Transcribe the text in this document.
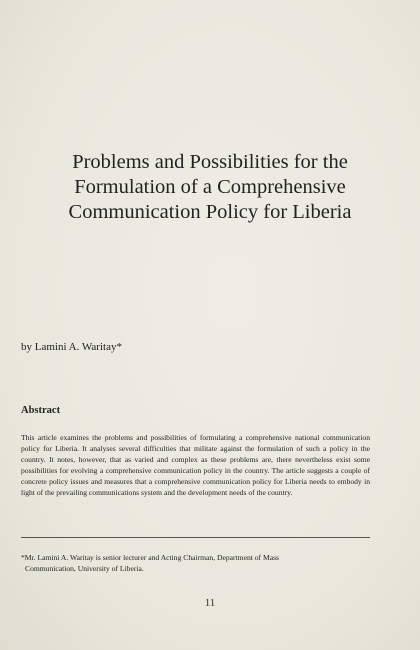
Problems and Possibilities for the
Formulation of a Comprehensive
Communication Policy for Liberia
by Lamini A. Waritay*
Abstract
This article examines the problems and possibilities of formulating a comprehensive national communication policy for Liberia. It analyses several difficulties that militate against the formulation of such a policy in the country. It notes, however, that as varied and complex as these problems are, there nevertheless exist some possibilities for evolving a comprehensive communication policy in the country. The article suggests a couple of concrete policy issues and measures that a comprehensive communication policy for Liberia needs to embody in light of the prevailing communications system and the development needs of the country.
*Mr. Lamini A. Waritay is senior lecturer and Acting Chairman, Department of Mass
Communication, University of Liberia.
11
